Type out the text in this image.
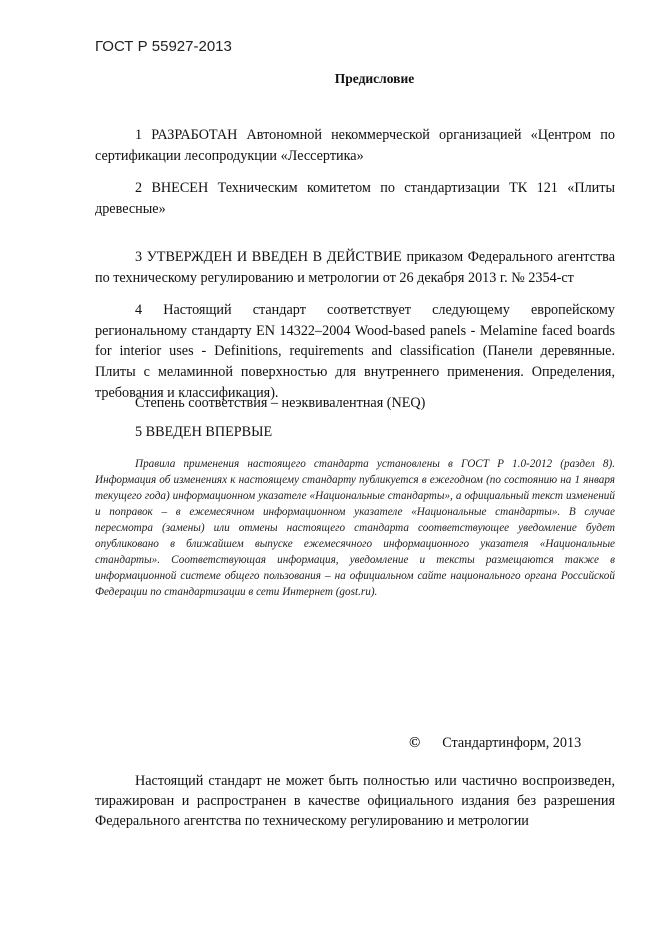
ГОСТ Р 55927-2013
Предисловие
1 РАЗРАБОТАН Автономной некоммерческой организацией «Центром по сертификации лесопродукции «Лессертика»
2 ВНЕСЕН Техническим комитетом по стандартизации ТК 121 «Плиты древесные»
3 УТВЕРЖДЕН И ВВЕДЕН В ДЕЙСТВИЕ приказом Федерального агентства по техническому регулированию и метрологии от 26 декабря 2013 г. № 2354-ст
4 Настоящий стандарт соответствует следующему европейскому региональному стандарту EN 14322–2004 Wood-based panels - Melamine faced boards for interior uses - Definitions, requirements and classification (Панели деревянные. Плиты с меламинной поверхностью для внутреннего применения. Определения, требования и классификация).
Степень соответствия – неэквивалентная (NEQ)
5 ВВЕДЕН ВПЕРВЫЕ
Правила применения настоящего стандарта установлены в ГОСТ Р 1.0-2012 (раздел 8). Информация об изменениях к настоящему стандарту публикуется в ежегодном (по состоянию на 1 января текущего года) информационном указателе «Национальные стандарты», а официальный текст изменений и поправок – в ежемесячном информационном указателе «Национальные стандарты». В случае пересмотра (замены) или отмены настоящего стандарта соответствующее уведомление будет опубликовано в ближайшем выпуске ежемесячного информационного указателя «Национальные стандарты». Соответствующая информация, уведомление и тексты размещаются также в информационной системе общего пользования – на официальном сайте национального органа Российской Федерации по стандартизации в сети Интернет (gost.ru).
© Стандартинформ, 2013
Настоящий стандарт не может быть полностью или частично воспроизведен, тиражирован и распространен в качестве официального издания без разрешения Федерального агентства по техническому регулированию и метрологии
